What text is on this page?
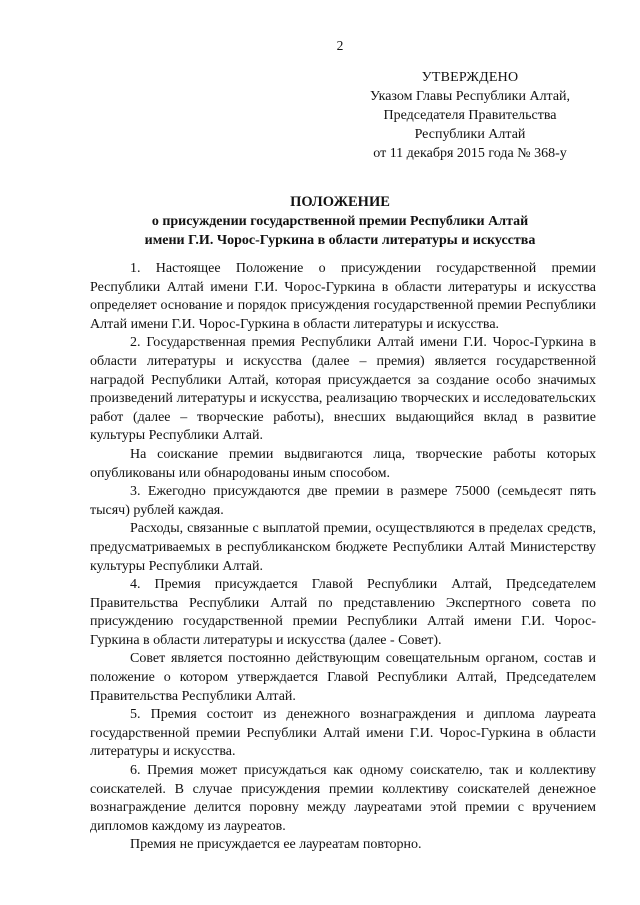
2
УТВЕРЖДЕНО
Указом Главы Республики Алтай,
Председателя Правительства
Республики Алтай
от 11 декабря 2015 года № 368-у
ПОЛОЖЕНИЕ
о присуждении государственной премии Республики Алтай
имени Г.И. Чорос-Гуркина в области литературы и искусства

1. Настоящее Положение о присуждении государственной премии Республики Алтай имени Г.И. Чорос-Гуркина в области литературы и искусства определяет основание и порядок присуждения государственной премии Республики Алтай имени Г.И. Чорос-Гуркина в области литературы и искусства.

2. Государственная премия Республики Алтай имени Г.И. Чорос-Гуркина в области литературы и искусства (далее – премия) является государственной наградой Республики Алтай, которая присуждается за создание особо значимых произведений литературы и искусства, реализацию творческих и исследовательских работ (далее – творческие работы), внесших выдающийся вклад в развитие культуры Республики Алтай.

На соискание премии выдвигаются лица, творческие работы которых опубликованы или обнародованы иным способом.

3. Ежегодно присуждаются две премии в размере 75000 (семьдесят пять тысяч) рублей каждая.

Расходы, связанные с выплатой премии, осуществляются в пределах средств, предусматриваемых в республиканском бюджете Республики Алтай Министерству культуры Республики Алтай.

4. Премия присуждается Главой Республики Алтай, Председателем Правительства Республики Алтай по представлению Экспертного совета по присуждению государственной премии Республики Алтай имени Г.И. Чорос-Гуркина в области литературы и искусства (далее - Совет).

Совет является постоянно действующим совещательным органом, состав и положение о котором утверждается Главой Республики Алтай, Председателем Правительства Республики Алтай.

5. Премия состоит из денежного вознаграждения и диплома лауреата государственной премии Республики Алтай имени Г.И. Чорос-Гуркина в области литературы и искусства.

6. Премия может присуждаться как одному соискателю, так и коллективу соискателей. В случае присуждения премии коллективу соискателей денежное вознаграждение делится поровну между лауреатами этой премии с вручением дипломов каждому из лауреатов.

Премия не присуждается ее лауреатам повторно.
